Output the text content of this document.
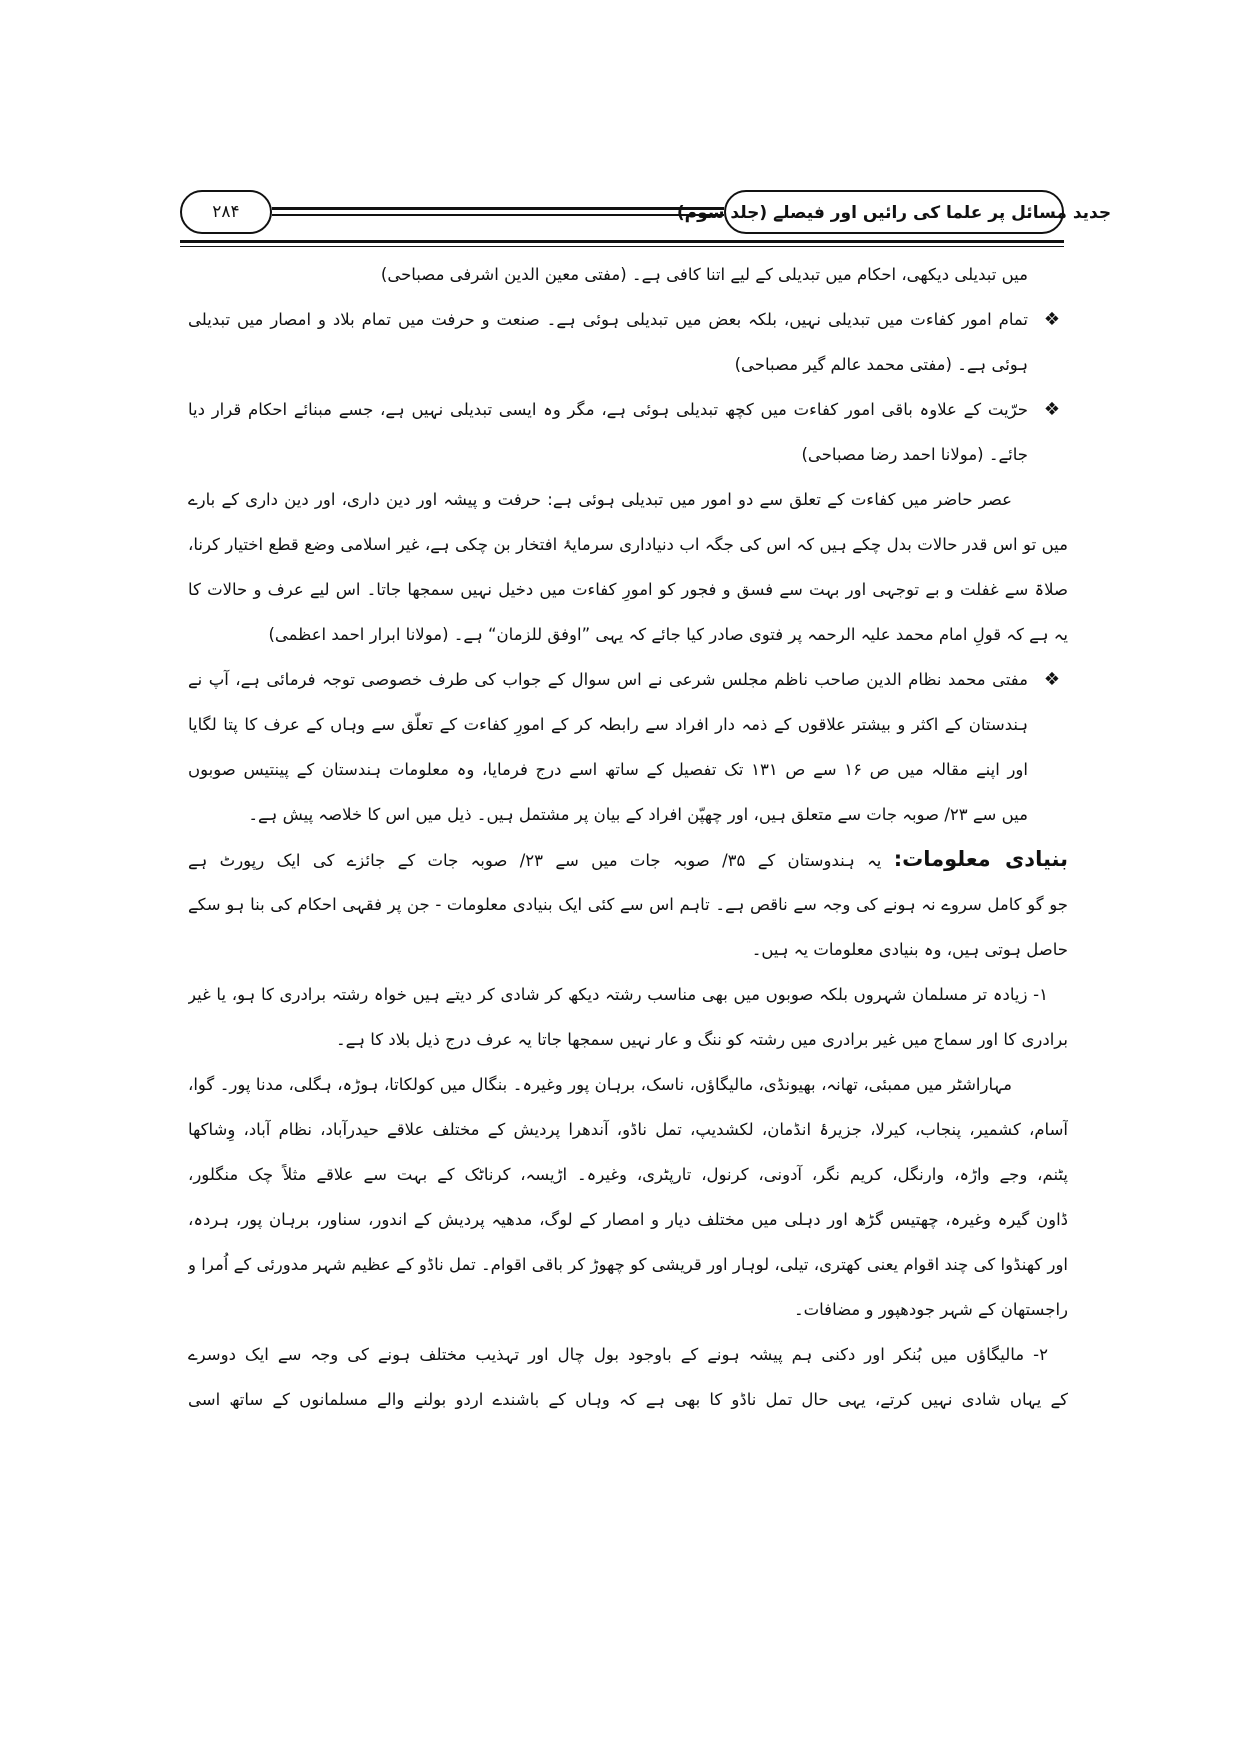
۲۸۴	جدید مسائل پر علما کی رائیں اور فیصلے (جلد سوم)
میں تبدیلی دیکھی، احکام میں تبدیلی کے لیے اتنا کافی ہے۔ (مفتی معین الدین اشرفی مصباحی)
❖
تمام امور کفاءت میں تبدیلی نہیں، بلکہ بعض میں تبدیلی ہوئی ہے۔ صنعت و حرفت میں تمام بلاد و امصار میں تبدیلی
ہوئی ہے۔ (مفتی محمد عالم گیر مصباحی)
❖
حرّیت کے علاوہ باقی امور کفاءت میں کچھ تبدیلی ہوئی ہے، مگر وہ ایسی تبدیلی نہیں ہے، جسے مبنائے احکام قرار دیا
جائے۔ (مولانا احمد رضا مصباحی)
عصر حاضر میں کفاءت کے تعلق سے دو امور میں تبدیلی ہوئی ہے: حرفت و پیشہ اور دین داری، اور دین داری کے بارے
میں تو اس قدر حالات بدل چکے ہیں کہ اس کی جگہ اب دنیاداری سرمایۂ افتخار بن چکی ہے، غیر اسلامی وضع قطع اختیار کرنا،
صلاۃ سے غفلت و بے توجہی اور بہت سے فسق و فجور کو امورِ کفاءت میں دخیل نہیں سمجھا جاتا۔ اس لیے عرف و حالات کا
یہ ہے کہ قولِ امام محمد علیہ الرحمہ پر فتوی صادر کیا جائے کہ یہی ”اوفق للزمان“ ہے۔ (مولانا ابرار احمد اعظمی)
❖
مفتی محمد نظام الدین صاحب ناظم مجلس شرعی نے اس سوال کے جواب کی طرف خصوصی توجہ فرمائی ہے، آپ نے
ہندستان کے اکثر و بیشتر علاقوں کے ذمہ دار افراد سے رابطہ کر کے امورِ کفاءت کے تعلّق سے وہاں کے عرف کا پتا لگایا
اور اپنے مقالہ میں ص ۱۶ سے ص ۱۳۱ تک تفصیل کے ساتھ اسے درج فرمایا، وہ معلومات ہندستان کے پینتیس صوبوں
میں سے ۲۳/ صوبہ جات سے متعلق ہیں، اور چھپّن افراد کے بیان پر مشتمل ہیں۔ ذیل میں اس کا خلاصہ پیش ہے۔
بنیادی معلومات: یہ ہندوستان کے ۳۵/ صوبہ جات میں سے ۲۳/ صوبہ جات کے جائزے کی ایک رپورٹ ہے
جو گو کامل سروے نہ ہونے کی وجہ سے ناقص ہے۔ تاہم اس سے کئی ایک بنیادی معلومات - جن پر فقہی احکام کی بنا ہو سکے
حاصل ہوتی ہیں، وہ بنیادی معلومات یہ ہیں۔
۱- زیادہ تر مسلمان شہروں بلکہ صوبوں میں بھی مناسب رشتہ دیکھ کر شادی کر دیتے ہیں خواہ رشتہ برادری کا ہو، یا غیر
برادری کا اور سماج میں غیر برادری میں رشتہ کو ننگ و عار نہیں سمجھا جاتا یہ عرف درج ذیل بلاد کا ہے۔
مہاراشٹر میں ممبئی، تھانہ، بھیونڈی، مالیگاؤں، ناسک، برہان پور وغیرہ۔ بنگال میں کولکاتا، ہوڑہ، ہگلی، مدنا پور۔ گوا،
آسام، کشمیر، پنجاب، کیرلا، جزیرۂ انڈمان، لکشدیپ، تمل ناڈو، آندھرا پردیش کے مختلف علاقے حیدرآباد، نظام آباد، وِشاکھا
پٹنم، وجے واڑہ، وارنگل، کریم نگر، آدونی، کرنول، تارپٹری، وغیرہ۔ اڑیسہ، کرناٹک کے بہت سے علاقے مثلاً چک منگلور،
ڈاون گیرہ وغیرہ، چھتیس گڑھ اور دہلی میں مختلف دیار و امصار کے لوگ، مدھیہ پردیش کے اندور، سناور، برہان پور، ہردہ،
اور کھنڈوا کی چند اقوام یعنی کھتری، تیلی، لوہار اور قریشی کو چھوڑ کر باقی اقوام۔ تمل ناڈو کے عظیم شہر مدورئی کے اُمرا و
راجستھان کے شہر جودھپور و مضافات۔
۲- مالیگاؤں میں بُنکر اور دکنی ہم پیشہ ہونے کے باوجود بول چال اور تہذیب مختلف ہونے کی وجہ سے ایک دوسرے
کے یہاں شادی نہیں کرتے، یہی حال تمل ناڈو کا بھی ہے کہ وہاں کے باشندے اردو بولنے والے مسلمانوں کے ساتھ اسی
